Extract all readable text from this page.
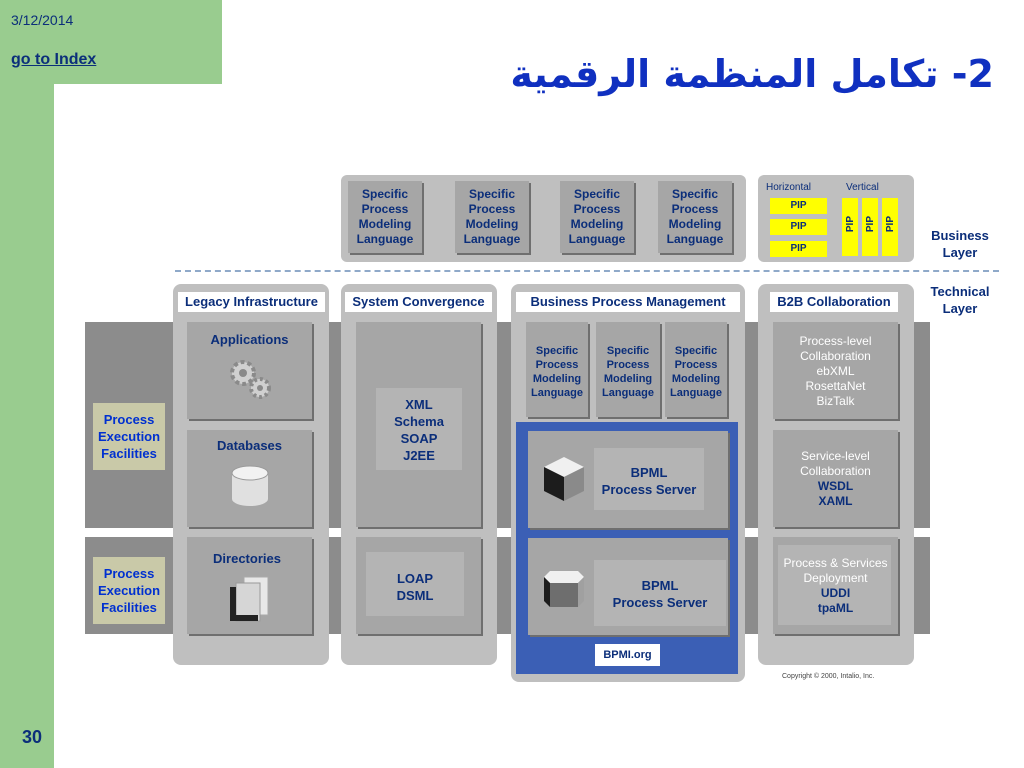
3/12/2014
go to Index
30
2- تكامل المنظمة الرقمية
Specific Process Modeling Language
Specific Process Modeling Language
Specific Process Modeling Language
Specific Process Modeling Language
Horizontal	Vertical
PIP
PIP
PIP
PIP PIP PIP
Business Layer
Technical Layer
Legacy Infrastructure	System Convergence	Business Process Management	B2B Collaboration
Applications
Databases
Directories
XML
Schema
SOAP
J2EE
LOAP
DSML
Specific Process Modeling Language
Specific Process Modeling Language
Specific Process Modeling Language
BPML
Process Server
BPML
Process Server
BPMI.org
Process-level
Collaboration
ebXML
RosettaNet
BizTalk
Service-level
Collaboration
WSDL
XAML
Process & Services
Deployment
UDDI
tpaML
Process Execution Facilities
Process Execution Facilities
Copyright © 2000, Intalio, Inc.
